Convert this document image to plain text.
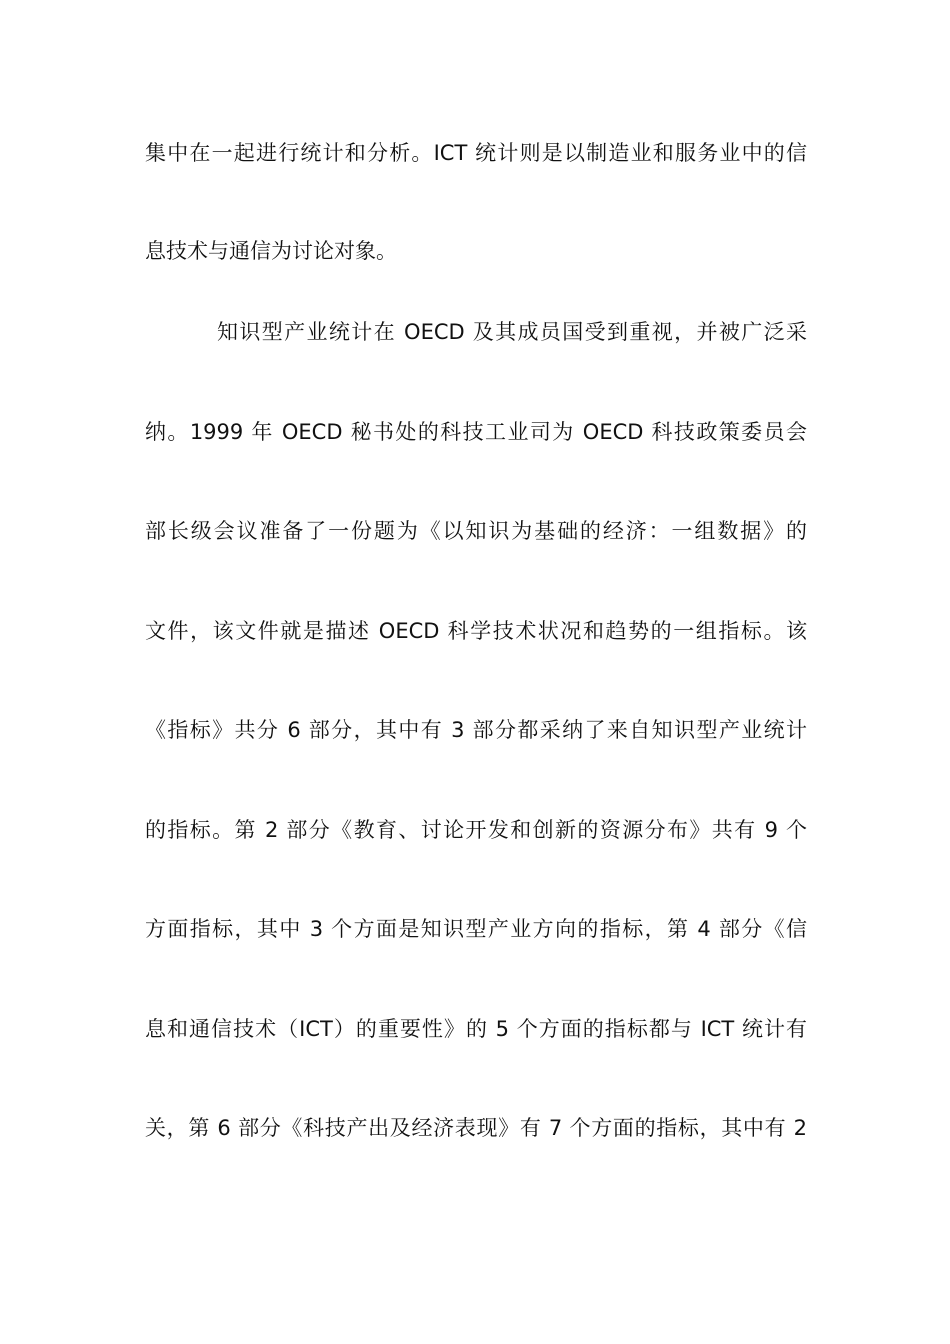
集中在一起进行统计和分析。ICT 统计则是以制造业和服务业中的信
息技术与通信为讨论对象。
知识型产业统计在 OECD 及其成员国受到重视，并被广泛采
纳。1999 年 OECD 秘书处的科技工业司为 OECD 科技政策委员会
部长级会议准备了一份题为《以知识为基础的经济：一组数据》的
文件，该文件就是描述 OECD 科学技术状况和趋势的一组指标。该
《指标》共分 6 部分，其中有 3 部分都采纳了来自知识型产业统计
的指标。第 2 部分《教育、讨论开发和创新的资源分布》共有 9 个
方面指标，其中 3 个方面是知识型产业方向的指标，第 4 部分《信
息和通信技术（ICT）的重要性》的 5 个方面的指标都与 ICT 统计有
关，第 6 部分《科技产出及经济表现》有 7 个方面的指标，其中有 2
